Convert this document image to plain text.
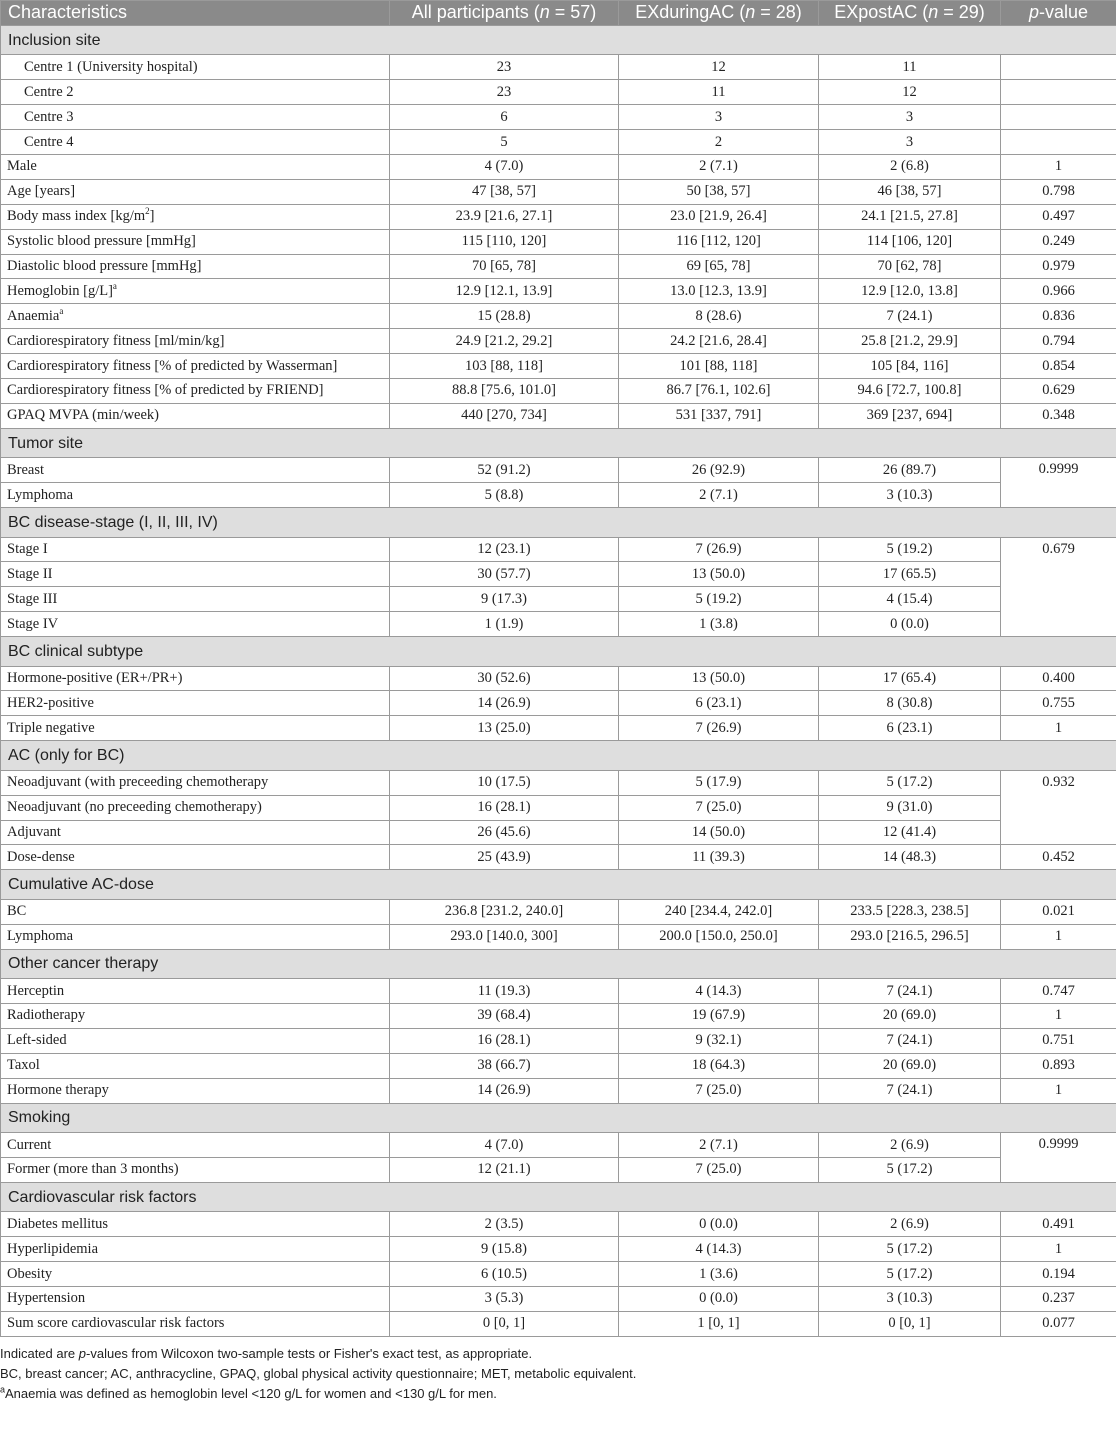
Characteristics	All participants (n = 57)	EXduringAC (n = 28)	EXpostAC (n = 29)	p-value
Inclusion site				
Centre 1 (University hospital)	23	12	11	
Centre 2	23	11	12	
Centre 3	6	3	3	
Centre 4	5	2	3	
Male	4 (7.0)	2 (7.1)	2 (6.8)	1
Age [years]	47 [38, 57]	50 [38, 57]	46 [38, 57]	0.798
Body mass index $[kg/m^2]$	23.9 [21.6, 27.1]	23.0 [21.9, 26.4]	24.1 [21.5, 27.8]	0.497
Systolic blood pressure [mmHg]	115 [110, 120]	116 [112, 120]	114 [106, 120]	0.249
Diastolic blood pressure [mmHg]	70 [65, 78]	69 [65, 78]	70 [62, 78]	0.979
Hemoglobin $[g/L]^a$	12.9 [12.1, 13.9]	13.0 [12.3, 13.9]	12.9 [12.0, 13.8]	0.966
Anaemia$^a$	15 (28.8)	8 (28.6)	7 (24.1)	0.836
Cardiorespiratory fitness [ml/min/kg]	24.9 [21.2, 29.2]	24.2 [21.6, 28.4]	25.8 [21.2, 29.9]	0.794
Cardiorespiratory fitness [% of predicted by Wasserman]	103 [88, 118]	101 [88, 118]	105 [84, 116]	0.854
Cardiorespiratory fitness [% of predicted by FRIEND]	88.8 [75.6, 101.0]	86.7 [76.1, 102.6]	94.6 [72.7, 100.8]	0.629
GPAQ MVPA (min/week)	440 [270, 734]	531 [337, 791]	369 [237, 694]	0.348
Tumor site				
Breast	52 (91.2)	26 (92.9)	26 (89.7)	0.9999
Lymphoma	5 (8.8)	2 (7.1)	3 (10.3)	
BC disease-stage (I, II, III, IV)				
Stage I	12 (23.1)	7 (26.9)	5 (19.2)	0.679
Stage II	30 (57.7)	13 (50.0)	17 (65.5)	
Stage III	9 (17.3)	5 (19.2)	4 (15.4)	
Stage IV	1 (1.9)	1 (3.8)	0 (0.0)	
BC clinical subtype				
Hormone-positive (ER+/PR+)	30 (52.6)	13 (50.0)	17 (65.4)	0.400
HER2-positive	14 (26.9)	6 (23.1)	8 (30.8)	0.755
Triple negative	13 (25.0)	7 (26.9)	6 (23.1)	1
AC (only for BC)				
Neoadjuvant (with preceeding chemotherapy	10 (17.5)	5 (17.9)	5 (17.2)	0.932
Neoadjuvant (no preceeding chemotherapy)	16 (28.1)	7 (25.0)	9 (31.0)	
Adjuvant	26 (45.6)	14 (50.0)	12 (41.4)	
Dose-dense	25 (43.9)	11 (39.3)	14 (48.3)	0.452
Cumulative AC-dose				
BC	236.8 [231.2, 240.0]	240 [234.4, 242.0]	233.5 [228.3, 238.5]	0.021
Lymphoma	293.0 [140.0, 300]	200.0 [150.0, 250.0]	293.0 [216.5, 296.5]	1
Other cancer therapy				
Herceptin	11 (19.3)	4 (14.3)	7 (24.1)	0.747
Radiotherapy	39 (68.4)	19 (67.9)	20 (69.0)	1
Left-sided	16 (28.1)	9 (32.1)	7 (24.1)	0.751
Taxol	38 (66.7)	18 (64.3)	20 (69.0)	0.893
Hormone therapy	14 (26.9)	7 (25.0)	7 (24.1)	1
Smoking				
Current	4 (7.0)	2 (7.1)	2 (6.9)	0.9999
Former (more than 3 months)	12 (21.1)	7 (25.0)	5 (17.2)	
Cardiovascular risk factors				
Diabetes mellitus	2 (3.5)	0 (0.0)	2 (6.9)	0.491
Hyperlipidemia	9 (15.8)	4 (14.3)	5 (17.2)	1
Obesity	6 (10.5)	1 (3.6)	5 (17.2)	0.194
Hypertension	3 (5.3)	0 (0.0)	3 (10.3)	0.237
Sum score cardiovascular risk factors	0 [0, 1]	1 [0, 1]	0 [0, 1]	0.077
Indicated are p-values from Wilcoxon two-sample tests or Fisher's exact test, as appropriate.
BC, breast cancer; AC, anthracycline, GPAQ, global physical activity questionnaire; MET, metabolic equivalent.
$^a$Anaemia was defined as hemoglobin level <120 g/L for women and <130 g/L for men.
